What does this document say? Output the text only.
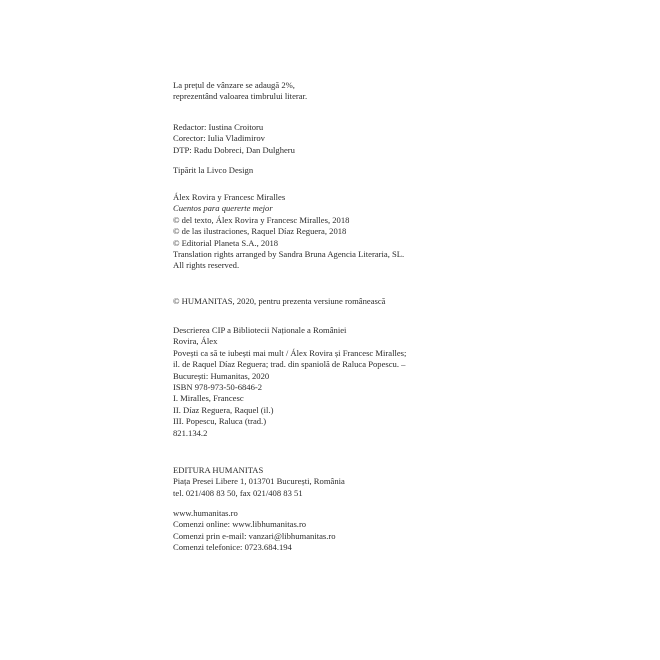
La prețul de vânzare se adaugă 2%,
reprezentând valoarea timbrului literar.
Redactor: Iustina Croitoru
Corector: Iulia Vladimirov
DTP: Radu Dobreci, Dan Dulgheru
Tipărit la Livco Design
Álex Rovira y Francesc Miralles
Cuentos para quererte mejor
© del texto, Álex Rovira y Francesc Miralles, 2018
© de las ilustraciones, Raquel Díaz Reguera, 2018
© Editorial Planeta S.A., 2018
Translation rights arranged by Sandra Bruna Agencia Literaria, SL.
All rights reserved.
© HUMANITAS, 2020, pentru prezenta versiune românească
Descrierea CIP a Bibliotecii Naționale a României
Rovira, Álex
Povești ca să te iubești mai mult / Álex Rovira și Francesc Miralles;
il. de Raquel Díaz Reguera; trad. din spaniolă de Raluca Popescu. –
București: Humanitas, 2020
ISBN 978-973-50-6846-2
I. Miralles, Francesc
II. Díaz Reguera, Raquel (il.)
III. Popescu, Raluca (trad.)
821.134.2
EDITURA HUMANITAS
Piața Presei Libere 1, 013701 București, România
tel. 021/408 83 50, fax 021/408 83 51
www.humanitas.ro
Comenzi online: www.libhumanitas.ro
Comenzi prin e-mail: vanzari@libhumanitas.ro
Comenzi telefonice: 0723.684.194
